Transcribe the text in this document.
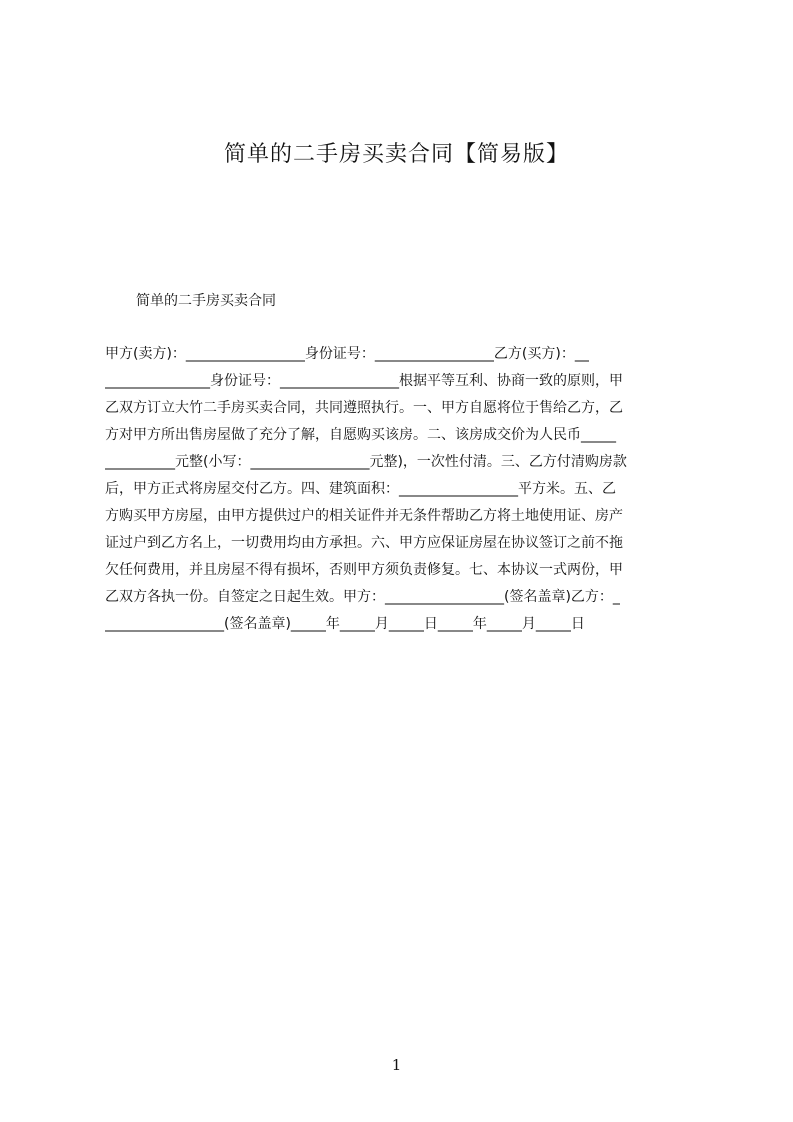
简单的二手房买卖合同【简易版】
简单的二手房买卖合同
甲方(卖方)：_________________身份证号：_________________乙方(买方)：__
_______________身份证号：_________________根据平等互利、协商一致的原则，甲
乙双方订立大竹二手房买卖合同，共同遵照执行。一、甲方自愿将位于售给乙方，乙
方对甲方所出售房屋做了充分了解，自愿购买该房。二、该房成交价为人民币_____
__________元整(小写：_________________元整)，一次性付清。三、乙方付清购房款
后，甲方正式将房屋交付乙方。四、建筑面积：_________________平方米。五、乙
方购买甲方房屋，由甲方提供过户的相关证件并无条件帮助乙方将土地使用证、房产
证过户到乙方名上，一切费用均由方承担。六、甲方应保证房屋在协议签订之前不拖
欠任何费用，并且房屋不得有损坏，否则甲方须负责修复。七、本协议一式两份，甲
乙双方各执一份。自签定之日起生效。甲方：_________________(签名盖章)乙方：_
_________________(签名盖章)_____年_____月_____日_____年_____月_____日
1
